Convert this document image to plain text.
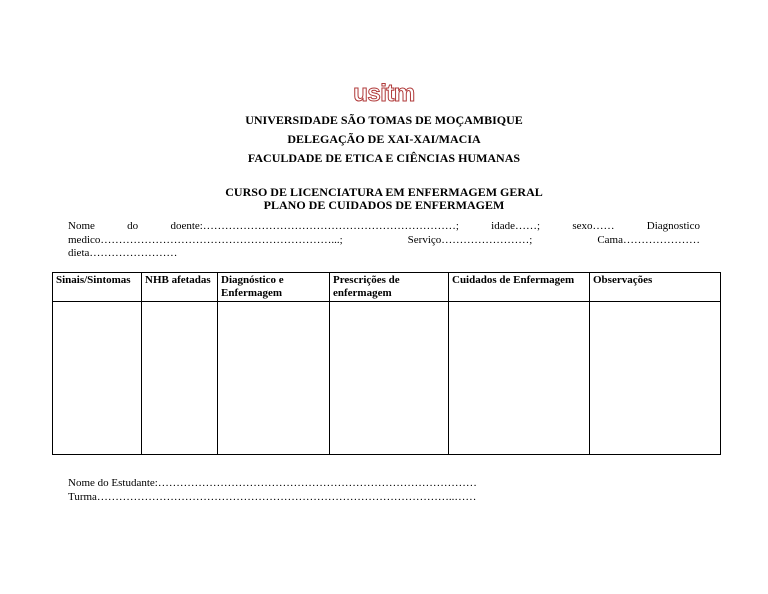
usitm
UNIVERSIDADE SÃO TOMAS DE MOÇAMBIQUE
DELEGAÇÃO DE XAI-XAI/MACIA
FACULDADE DE ETICA E CIÊNCIAS HUMANAS
CURSO DE LICENCIATURA EM ENFERMAGEM GERAL
PLANO DE CUIDADOS DE ENFERMAGEM
Nome	do	doente:……………………………………………………………;	idade……;	sexo……	Diagnostico
medico………………………………………………………...;	Serviço……………………;	Cama…………………
dieta……………………
Sinais/Sintomas	NHB afetadas	Diagnóstico e Enfermagem	Prescrições de enfermagem	Cuidados de Enfermagem	Observações

Nome do Estudante:……………………………………………………………………………
Turma……………………………………………………………………………………..……
